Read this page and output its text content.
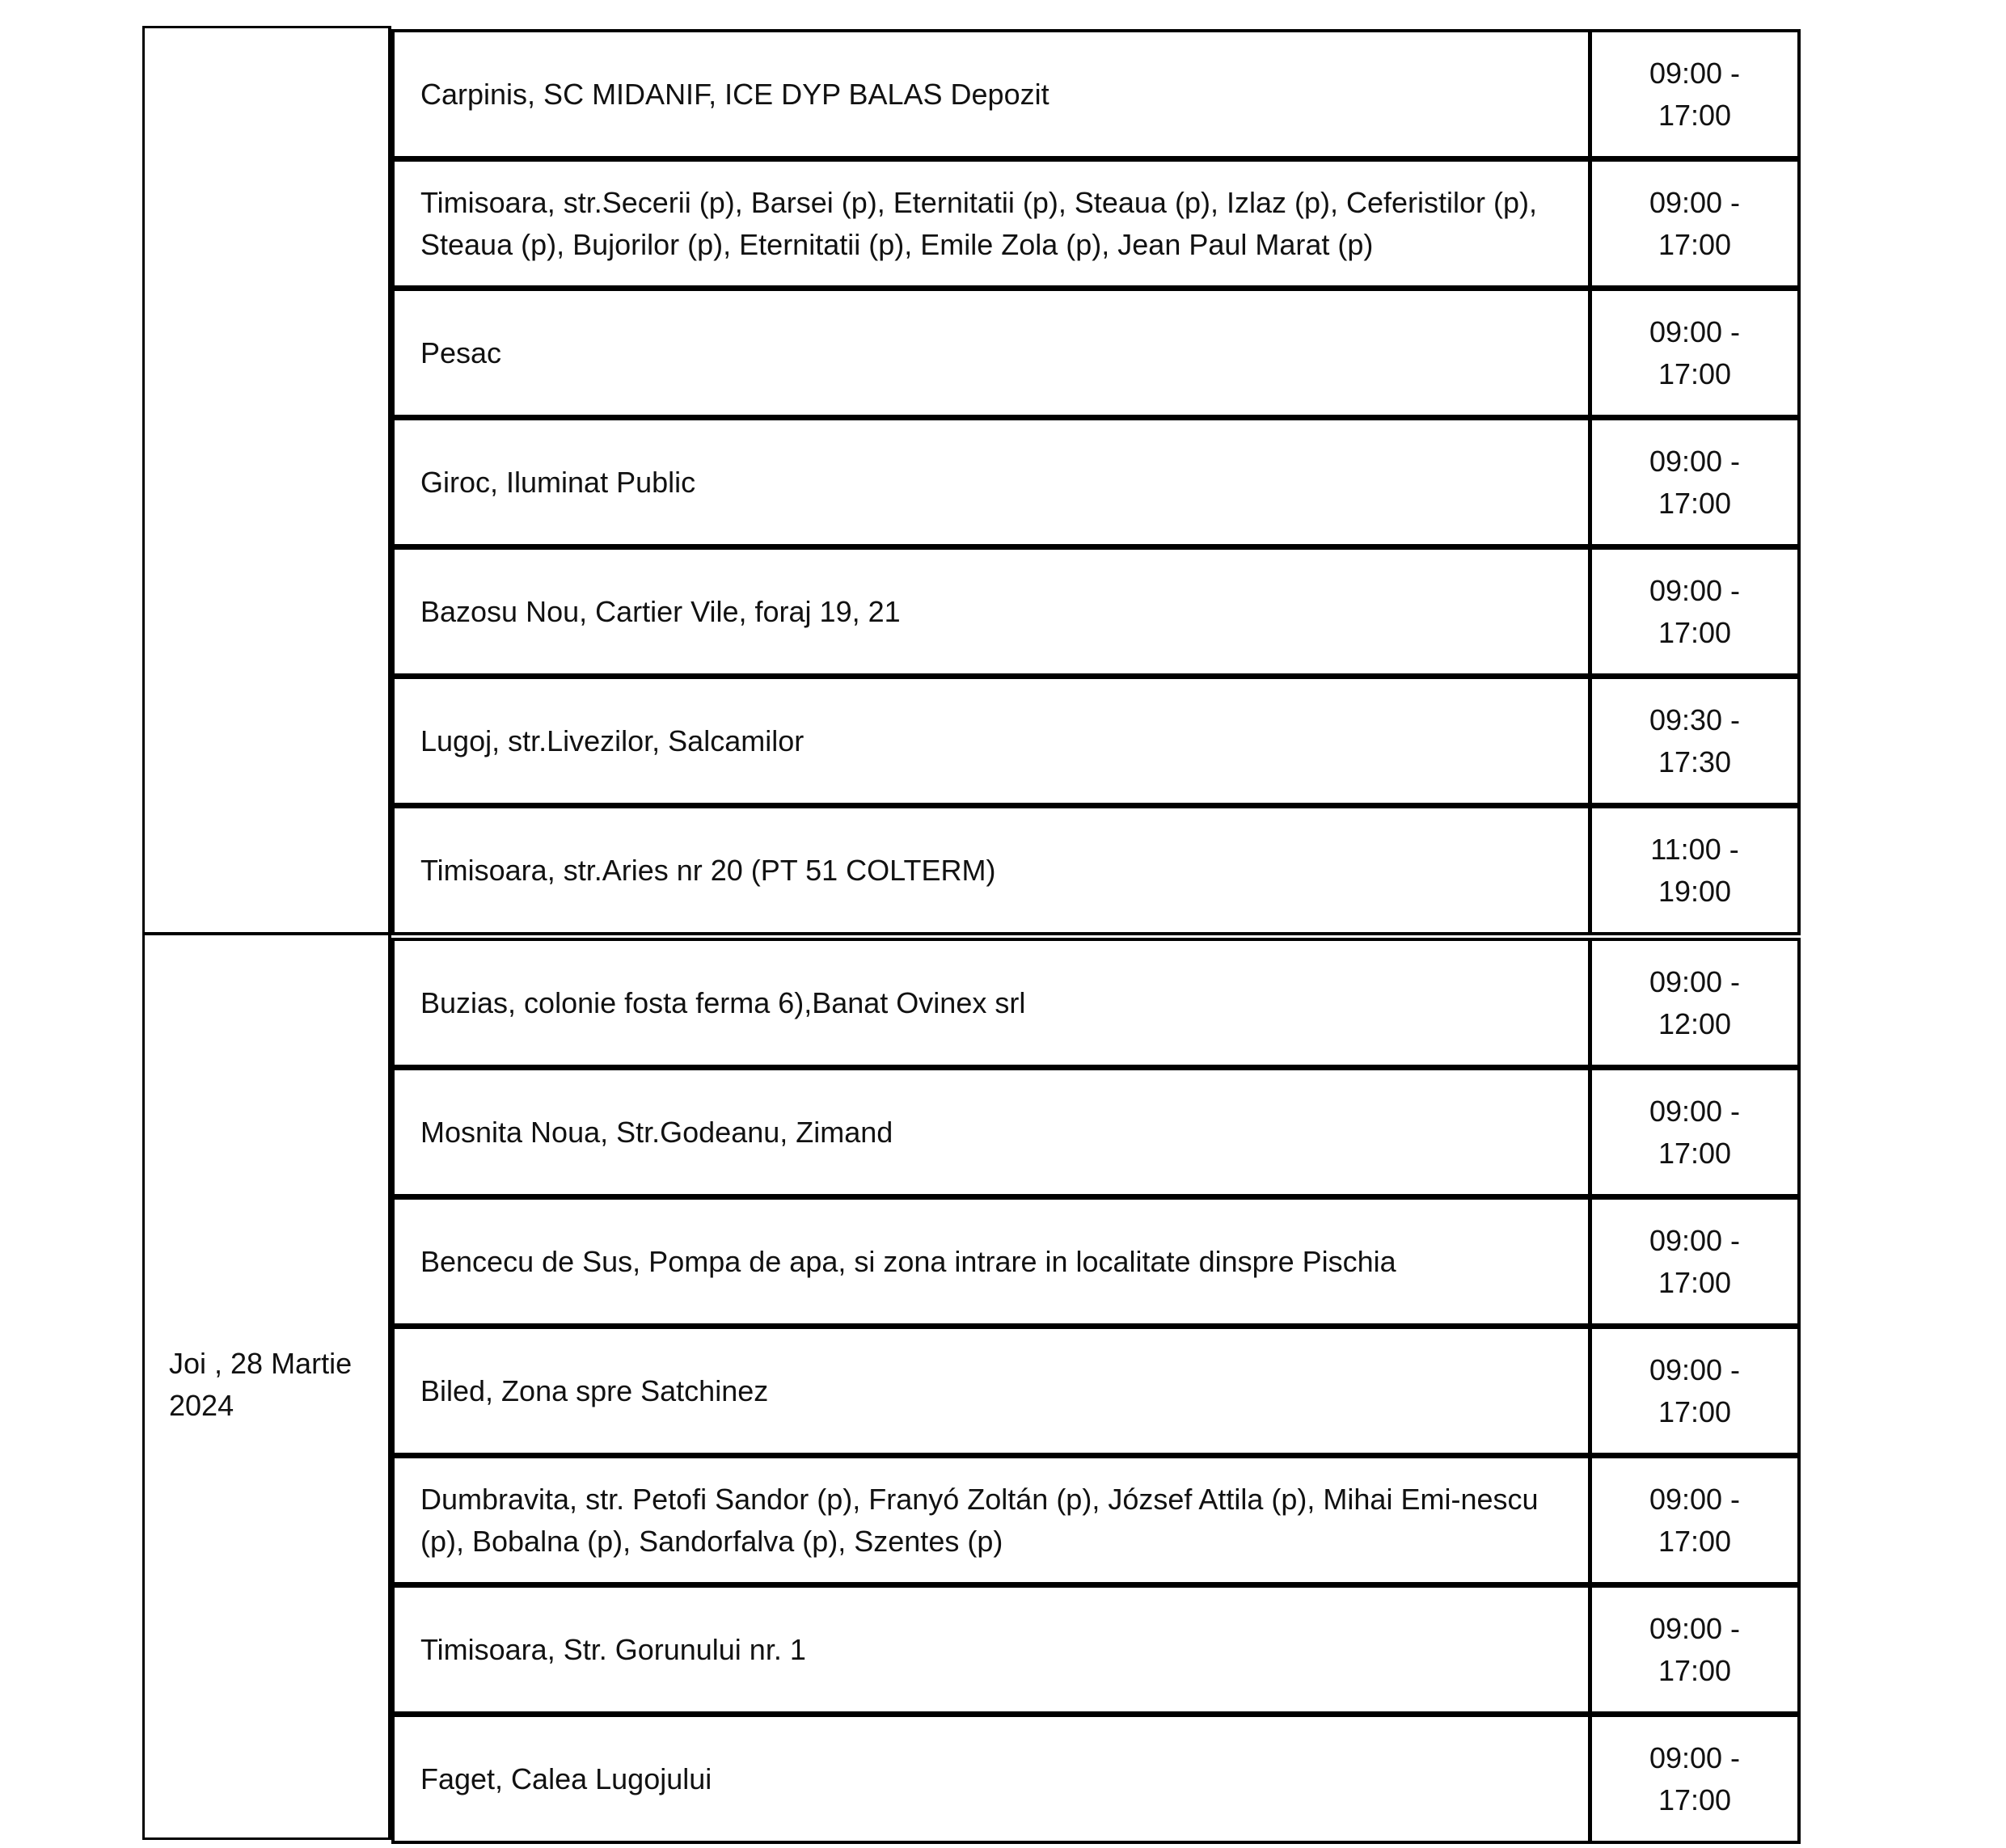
Carpinis, SC MIDANIF, ICE DYP BALAS Depozit
09:00 -
17:00
Timisoara, str.Secerii (p), Barsei (p), Eternitatii (p), Steaua (p), Izlaz (p), Ceferistilor (p), Steaua (p), Bujorilor (p), Eternitatii (p), Emile Zola (p), Jean Paul Marat (p)
09:00 -
17:00
Pesac
09:00 -
17:00
Giroc, Iluminat Public
09:00 -
17:00
Bazosu Nou, Cartier Vile, foraj 19, 21
09:00 -
17:00
Lugoj, str.Livezilor, Salcamilor
09:30 -
17:30
Timisoara, str.Aries nr 20 (PT 51 COLTERM)
11:00 -
19:00
Joi , 28 Martie
2024
Buzias, colonie fosta ferma 6),Banat Ovinex srl
09:00 -
12:00
Mosnita Noua, Str.Godeanu, Zimand
09:00 -
17:00
Bencecu de Sus, Pompa de apa, si zona intrare in localitate dinspre Pischia
09:00 -
17:00
Biled, Zona spre Satchinez
09:00 -
17:00
Dumbravita, str. Petofi Sandor (p), Franyó Zoltán (p), József Attila (p), Mihai Emi-nescu (p), Bobalna (p), Sandorfalva (p), Szentes (p)
09:00 -
17:00
Timisoara, Str. Gorunului nr. 1
09:00 -
17:00
Faget, Calea Lugojului
09:00 -
17:00
